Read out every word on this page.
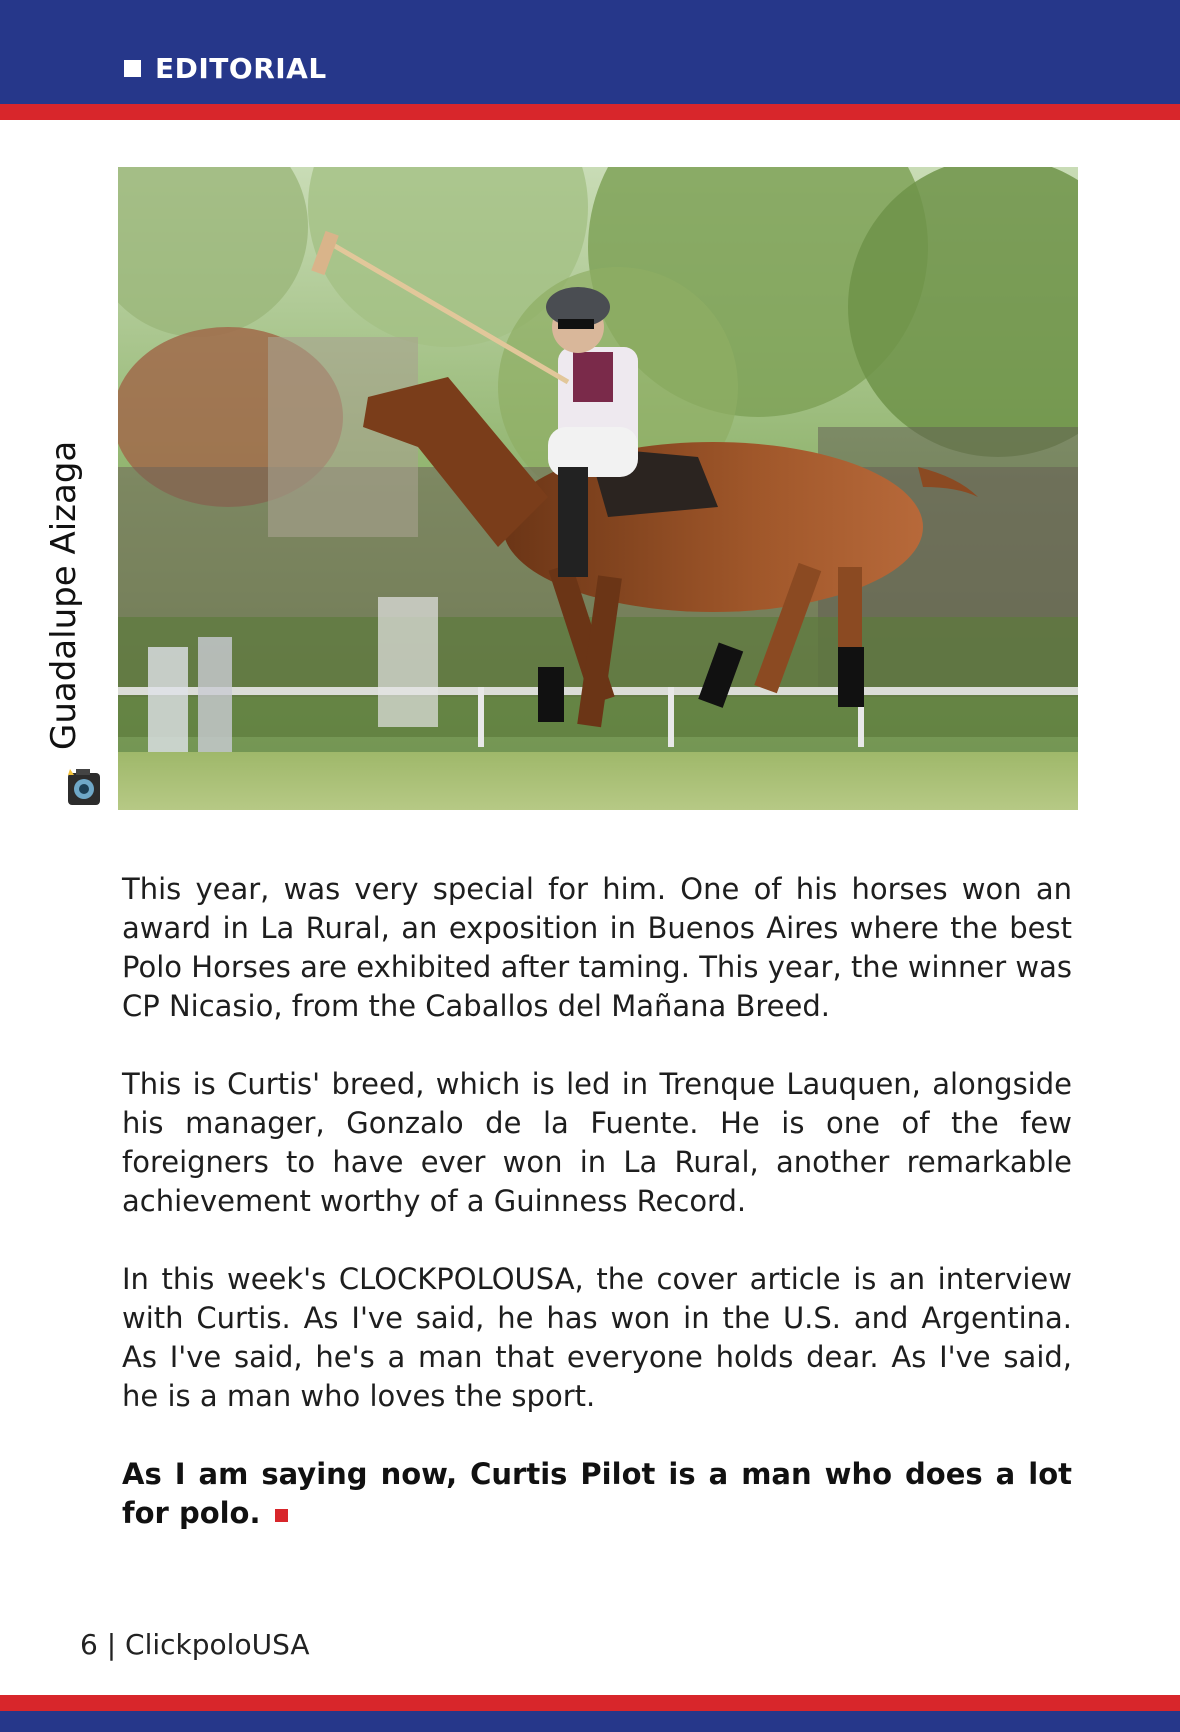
EDITORIAL
Guadalupe Aizaga

This year, was very special for him. One of his horses won an award in La Rural, an exposition in Buenos Aires where the best Polo Horses are exhibited after taming. This year, the winner was CP Nicasio, from the Caballos del Mañana Breed.

This is Curtis' breed, which is led in Trenque Lauquen, alongside his manager, Gonzalo de la Fuente. He is one of the few foreigners to have ever won in La Rural, another remarkable achievement worthy of a Guinness Record.

In this week's CLOCKPOLOUSA, the cover article is an interview with Curtis. As I've said, he has won in the U.S. and Argentina. As I've said, he's a man that everyone holds dear. As I've said, he is a man who loves the sport.

As I am saying now, Curtis Pilot is a man who does a lot for polo.

6 | ClickpoloUSA
